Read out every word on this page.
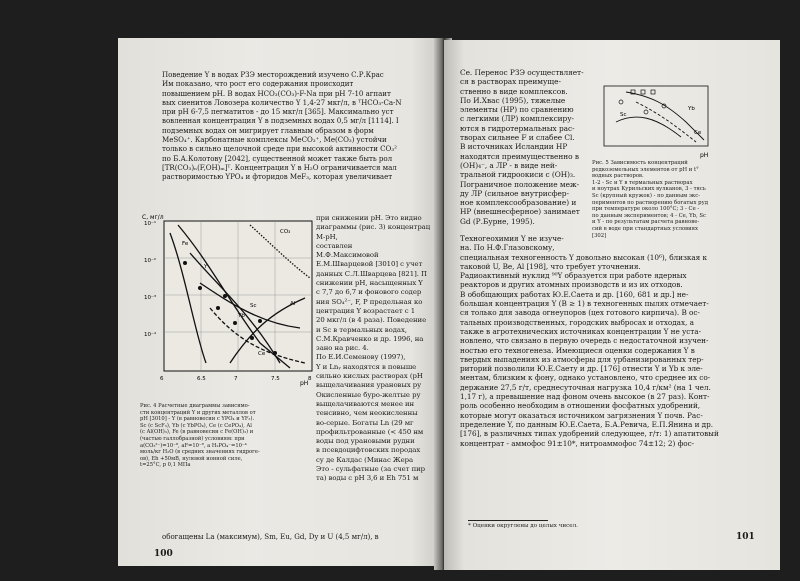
Поведение Y в водах РЗЭ месторождений изучено С.Р.Крас
Им показано, что рост его содержания происходит
повышением pH. В водах HCO₃(CO₃)-F-Na при pH 7-10 агпаит
вых сиенитов Ловозера количество Y 1,4-27 мкг/л, в ᵀHCO₃-Ca-N
при pH 6-7,5 пегматитов - до 15 мкг/л [365]. Максимально уст
вовленная концентрация Y в подземных водах 0,5 мг/л [1114]. I
подземных водах он мигрирует главным образом в форм
MeSO₄⁺. Карбонатные комплексы MeCO₃⁺, Me(CO₃) устойчи
только в сильно щелочной среде при высокой активности CO₃²
по Б.А.Колотову [2042], существенной может также быть рол
[TR(CO₃)ₙ(F,OH)ₘ]ᵀ. Концентрация Y в H₂O ограничивается мал
растворимостью YPO₄ и фторидов MeF₃, которая увеличивает
C, мг/л
pH
6	6.5	7	7.5	8
10⁻¹
10⁻²
10⁻³
10⁻⁴
CO₃
Fe
Y
Sc
Yb
Ce
Al
при снижении pH. Это видно
диаграммы (рис. 3) концентрац
M-pH,
составлен
М.Ф.Максимовой
Е.М.Шварцевой [3010] с учет
данных С.Л.Шварцева [821]. П
снижении pH, насыщенных Y
с 7,7 до 6,7 и фонового содер
ния SO₄²⁻, F, P предельная ко
центрация Y возрастает с 1
20 мкг/л (в 4 раза). Поведение
и Sc в термальных водах,
С.М.Кравченко и др. 1996, на
зано на рис. 4.
По Е.И.Семенову (1997),
Y и Lnᵧ находятся в повыше
сильно кислых растворах (pH
выщелачивания урановых ру
Окисленные буро-желтые ру
выщелачиваются менее ин
тенсивно, чем неокисленны
во-серые. Богаты Ln (29 мг
профильтрованные (< 450 нм
воды под урановыми рудни
в псевдоцифтовских породах
су де Калдас (Минас Жера
Это - сульфатные (за счет пир
та) воды с pH 3,6 и Eh 751 м
Рис. 4 Расчетные диаграммы зависимо-
сти концентраций Y и других металлов от
pH [3010] - Y (в равновесии с YPO₄ и YF₃).
Sc (с ScF₃), Yb (с YbPO₄), Ce (с CePO₄), Al
(с Al(OH)₃), Fe (в равновесии с Fe(OH)₃) и
(частью галлобразной) условиям: при
a(CO₃²⁻)=10⁻⁸, aF=10⁻⁸, a H₂PO₄⁻=10⁻⁴
моль/кг H₂O (в средних значениях гидроге-
ов), Eh +50мВ, нулевой ионной силе,
t=25°C, p 0,1 МПа
обогащены La (максимум), Sm, Eu, Gd, Dy и U (4,5 мг/л), в
100
Ce. Перенос РЗЭ осуществляет-
ся в растворах преимуще-
ственно в виде комплексов.
По И.Хвас (1995), тяжелые
элементы (НР) по сравнению
с легкими (ЛР) комплексиру-
ются в гидротермальных рас-
творах сильнее F и слабее Cl.
В источниках Исландии НР
находятся преимущественно в
(OH)₄⁻, а ЛР - в виде ней-
тральной гидроокиси с (OH)₃.
Пограничное положение меж-
ду ЛР (сильное внутрисфер-
ное комплексообразование) и
НР (внешнесферное) занимает
Gd (Р.Бурне, 1995).
pH
Yb
Ce
Sc
Рис. 5 Зависимость концентраций
редкоземельных элементов от pH и t°
водных растворов.
1-2 - Sc и Y в термальных растворах
и ноутрах Курильских вулканов, 3 - тясь
Sc (крупный кружок) - по данным экс-
периментов по растворению богатых руд
при температуре около 100°C; 3 - Ce -
по данным экспериментов; 4 - Ce, Yb, Sc
и Y - по результатам расчета равнове-
сий в воде при стандартных условиях
[302]
Техногеохимия Y не изуче-
на. По Н.Ф.Глазовскому,
специальная техногенность Y довольно высокая (10⁶), близкая к
таковой U, Be, Al [198], что требует уточнения.
Радиоактивный нуклид ⁹⁰Y образуется при работе ядерных
реакторов и других атомных производств и из их отходов.
В обобщающих работах Ю.Е.Саета и др. [160, 681 и др.] не-
большая концентрация Y (В ≥ 1) в техногенных пылях отмечает-
ся только для завода огнеупоров (цех готового кирпича). В ос-
тальных производственных, городских выбросах и отходах, а
также в агротехнических источниках концентрации Y не уста-
новлено, что связано в первую очередь с недостаточной изучен-
ностью его техногенеза. Имеющиеся оценки содержания Y в
твердых выпадениях из атмосферы для урбанизированных тер-
риторий позволили Ю.Е.Саету и др. [176] отнести Y и Yb к эле-
ментам, близким к фону, однако установлено, что среднее их со-
держание 27,5 г/т, среднесуточная нагрузка 10,4 г/км² (на 1 чел.
1,17 г), а превышение над фоном очень высокое (в 27 раз). Конт-
роль особенно необходим в отношении фосфатных удобрений,
которые могут оказаться источником загрязнения Y почв. Рас-
пределение Y, по данным Ю.Е.Саета, Б.А.Ревича, Е.П.Янина и др.
[176], в различных типах удобрений следующее, г/т: 1) апатитовый
концентрат - аммофос 91±10*, нитроаммофос 74±12; 2) фос-
* Оценки округлены до целых чисел.
101
